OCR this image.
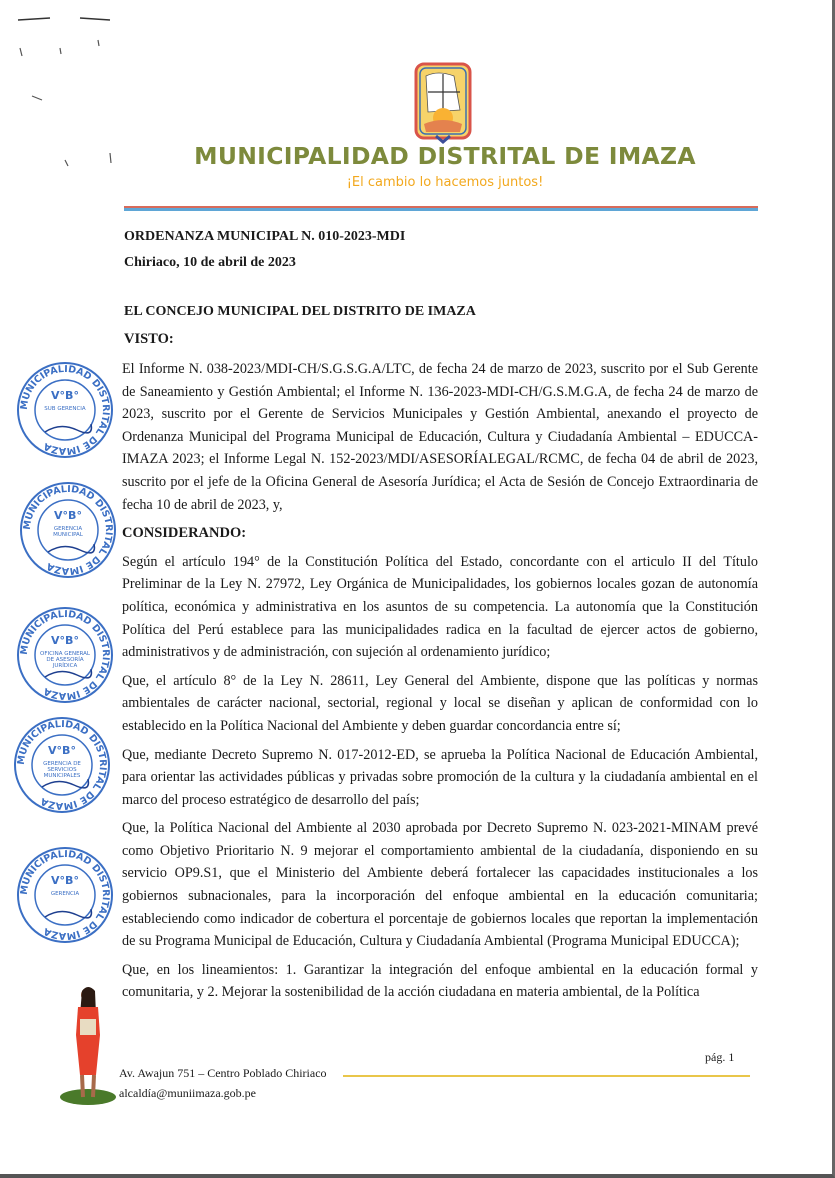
MUNICIPALIDAD DISTRITAL DE IMAZA
¡El cambio lo hacemos juntos!
ORDENANZA MUNICIPAL N. 010-2023-MDI
Chiriaco, 10 de abril de 2023
EL CONCEJO MUNICIPAL DEL DISTRITO DE IMAZA
VISTO:

El Informe N. 038-2023/MDI-CH/S.G.S.G.A/LTC, de fecha 24 de marzo de 2023, suscrito por el Sub Gerente de Saneamiento y Gestión Ambiental; el Informe N. 136-2023-MDI-CH/G.S.M.G.A, de fecha 24 de marzo de 2023, suscrito por el Gerente de Servicios Municipales y Gestión Ambiental, anexando el proyecto de Ordenanza Municipal del Programa Municipal de Educación, Cultura y Ciudadanía Ambiental – EDUCCA-IMAZA 2023; el Informe Legal N. 152-2023/MDI/ASESORÍALEGAL/RCMC, de fecha 04 de abril de 2023, suscrito por el jefe de la Oficina General de Asesoría Jurídica; el Acta de Sesión de Concejo Extraordinaria de fecha 10 de abril de 2023, y,

CONSIDERANDO:

Según el artículo 194° de la Constitución Política del Estado, concordante con el articulo II del Título Preliminar de la Ley N. 27972, Ley Orgánica de Municipalidades, los gobiernos locales gozan de autonomía política, económica y administrativa en los asuntos de su competencia. La autonomía que la Constitución Política del Perú establece para las municipalidades radica en la facultad de ejercer actos de gobierno, administrativos y de administración, con sujeción al ordenamiento jurídico;

Que, el artículo 8° de la Ley N. 28611, Ley General del Ambiente, dispone que las políticas y normas ambientales de carácter nacional, sectorial, regional y local se diseñan y aplican de conformidad con lo establecido en la Política Nacional del Ambiente y deben guardar concordancia entre sí;

Que, mediante Decreto Supremo N. 017-2012-ED, se aprueba la Política Nacional de Educación Ambiental, para orientar las actividades públicas y privadas sobre promoción de la cultura y la ciudadanía ambiental en el marco del proceso estratégico de desarrollo del país;

Que, la Política Nacional del Ambiente al 2030 aprobada por Decreto Supremo N. 023-2021-MINAM prevé como Objetivo Prioritario N. 9 mejorar el comportamiento ambiental de la ciudadanía, disponiendo en su servicio OP9.S1, que el Ministerio del Ambiente deberá fortalecer las capacidades institucionales a los gobiernos subnacionales, para la incorporación del enfoque ambiental en la educación comunitaria; estableciendo como indicador de cobertura el porcentaje de gobiernos locales que reportan la implementación de su Programa Municipal de Educación, Cultura y Ciudadanía Ambiental (Programa Municipal EDUCCA);

Que, en los lineamientos: 1. Garantizar la integración del enfoque ambiental en la educación formal y comunitaria, y 2. Mejorar la sostenibilidad de la acción ciudadana en materia ambiental, de la Política

MUNICIPALIDAD DISTRITAL DE IMAZA
V°B°
SUB GERENCIA
MUNICIPALIDAD DISTRITAL DE IMAZA
V°B°
GERENCIA MUNICIPAL
MUNICIPALIDAD DISTRITAL DE IMAZA
V°B°
OFICINA GENERAL DE ASESORÍA JURÍDICA
MUNICIPALIDAD DISTRITAL DE IMAZA
V°B°
GERENCIA DE SERVICIOS MUNICIPALES
MUNICIPALIDAD DISTRITAL DE IMAZA
V°B°
GERENCIA
pág. 1
Av. Awajun 751 – Centro Poblado Chiriaco
alcaldía@muniimaza.gob.pe
